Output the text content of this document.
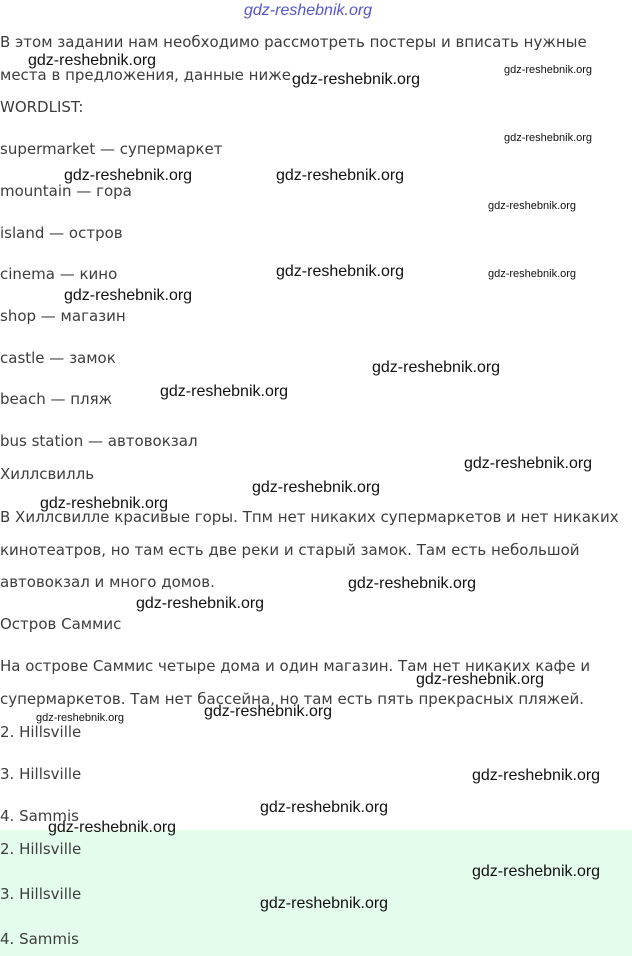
gdz-reshebnik.org

В этом задании нам необходимо рассмотреть постеры и вписать нужные

места в предложения, данные ниже.

WORDLIST:

supermarket — супермаркет

mountain — гора

island — остров

cinema — кино

shop — магазин

castle — замок

beach — пляж

bus station — автовокзал

Хиллсвилль

В Хиллсвилле красивые горы. Тпм нет никаких супермаркетов и нет никаких

кинотеатров, но там есть две реки и старый замок. Там есть небольшой

автовокзал и много домов.

Остров Саммис

На острове Саммис четыре дома и один магазин. Там нет никаких кафе и

супермаркетов. Там нет бассейна, но там есть пять прекрасных пляжей.

2. Hillsville

3. Hillsville

4. Sammis

2. Hillsville

3. Hillsville

4. Sammis

gdz-reshebnik.org
gdz-reshebnik.org
gdz-reshebnik.org
gdz-reshebnik.org
gdz-reshebnik.org	gdz-reshebnik.org
gdz-reshebnik.org
gdz-reshebnik.org	gdz-reshebnik.org
gdz-reshebnik.org
gdz-reshebnik.org
gdz-reshebnik.org
gdz-reshebnik.org
gdz-reshebnik.org
gdz-reshebnik.org
gdz-reshebnik.org
gdz-reshebnik.org
gdz-reshebnik.org
gdz-reshebnik.org
gdz-reshebnik.org
gdz-reshebnik.org
gdz-reshebnik.org
gdz-reshebnik.org
gdz-reshebnik.org
gdz-reshebnik.org
